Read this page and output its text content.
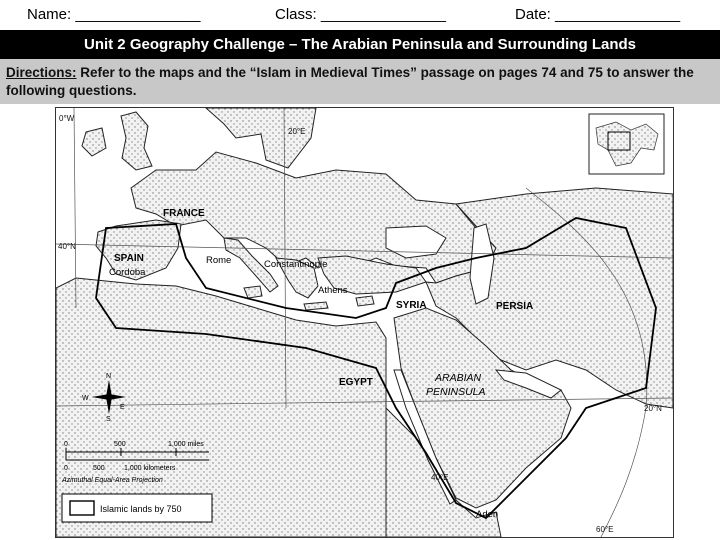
Name: _______________	Class: _______________	Date: _______________
Unit 2 Geography Challenge – The Arabian Peninsula and Surrounding Lands
Directions: Refer to the maps and the “Islam in Medieval Times” passage on pages 74 and 75 to answer the following questions.
0°W
40°N
20°E
20°N
40°E
60°E
FRANCE
SPAIN
SYRIA	PERSIA
EGYPT
Cordoba
Rome	Constantinople
Athens
Aden
ARABIAN
PENINSULA
N
S
E
W
0	500	1,000 miles
0	500	1,000 kilometers
Azimuthal Equal-Area Projection
Islamic lands by 750
